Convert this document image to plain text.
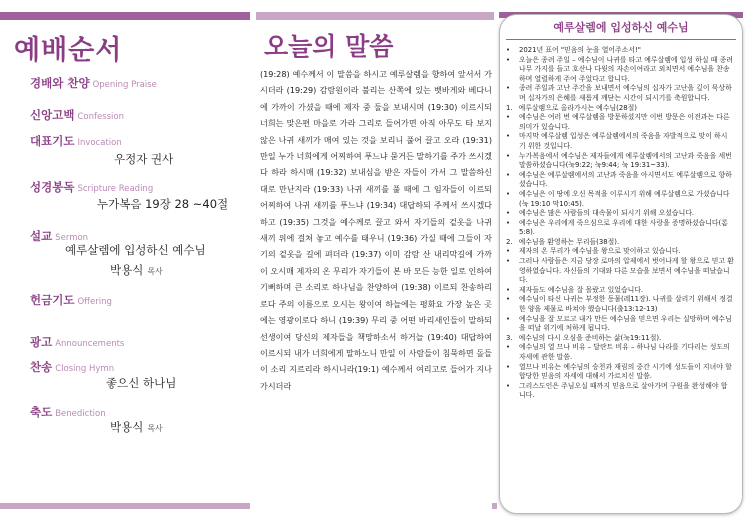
예배순서
경배와 찬양 Opening Praise
신앙고백 Confession
대표기도 Invocation
우정자 권사
성경봉독 Scripture Reading
누가복음 19장 28 ~40절
설교 Sermon
예루살렘에 입성하신 예수님
박용식 목사
헌금기도 Offering
광고 Announcements
찬송 Closing Hymn
좋으신 하나님
축도 Benediction
박용식 목사
오늘의 말씀
(19:28) 예수께서 이 말씀을 하시고 예루살렘을 향하여 앞서서 가시더라 (19:29) 감람원이라 불리는 산쪽에 있는 벳바게와 베다니에 가까이 가셨을 때에 제자 중 둘을 보내시며 (19:30) 이르시되 너희는 맞은편 마을로 가라 그리로 들어가면 아직 아무도 타 보지 않은 나귀 새끼가 매여 있는 것을 보리니 풀어 끌고 오라 (19:31) 만일 누가 너희에게 어찌하여 푸느냐 묻거든 말하기를 주가 쓰시겠다 하라 하시매 (19:32) 보내심을 받은 자들이 가서 그 말씀하신 대로 만난지라 (19:33) 나귀 새끼를 풀 때에 그 임자들이 이르되 어찌하여 나귀 새끼를 푸느냐 (19:34) 대답하되 주께서 쓰시겠다 하고 (19:35) 그것을 예수께로 끌고 와서 자기들의 겉옷을 나귀 새끼 위에 걸쳐 놓고 예수를 태우니 (19:36) 가실 때에 그들이 자기의 겉옷을 길에 펴더라 (19:37) 이미 감람 산 내리막길에 가까이 오시매 제자의 온 무리가 자기들이 본 바 모든 능한 일로 인하여 기뻐하며 큰 소리로 하나님을 찬양하여 (19:38) 이르되 찬송하리로다 주의 이름으로 오시는 왕이여 하늘에는 평화요 가장 높은 곳에는 영광이로다 하니 (19:39) 무리 중 어떤 바리새인들이 말하되 선생이여 당신의 제자들을 책망하소서 하거늘 (19:40) 대답하여 이르시되 내가 너희에게 말하노니 만일 이 사람들이 침묵하면 돌들이 소리 지르리라 하시니라(19:1) 예수께서 여리고로 들어가 지나가시더라
예루살렘에 입성하신 예수님
•	2021년 표어 "믿음의 눈을 열어주소서!"
•	오늘은 종려 주일 – 예수님이 나귀를 타고 예루살렘에 입성 하실 때 종려 나무 가지를 들고 호산나 다윗의 자손이여라고 외치면서 예수님을 찬송하며 열렬하게 주여 주었다고 합니다.
•	종려 주일과 고난 주간을 보내면서 예수님의 십자가 고난을 깊이 묵상하며 십자가의 은혜를 새롭게 깨닫는 시간이 되시기를 축원합니다.
1. 예루살렘으로 올라가시는 예수님(28절)
•	예수님은 여러 번 예루살렘을 방문하셨지만 이번 방문은 이전과는 다른 의미가 있습니다.
•	마지막 예루살렘 입성은 예루살렘에서의 죽음을 자발적으로 맞이 하시기 위한 것입니다.
•	누가복음에서 예수님은 제자들에게 예루살렘에서의 고난과 죽음을 세번 말씀하셨습니다(눅9:22; 눅9:44; 눅 19:31~33).
•	예수님은 예루살렘에서의 고난과 죽음을 아시면서도 예루살렘으로 향하셨습니다.
•	예수님은 이 땅에 오신 목적을 이루시기 위해 예루살렘으로 가셨습니다(눅 19:10 막10:45).
•	예수님은 많은 사람들의 대속물이 되시기 위해 오셨습니다.
•	예수님은 우리에게 죽으심으로 우리에 대한 사랑을 증명하셨습니다(롬5:8).
2. 예수님을 환영하는 무리들(38절).
•	제자의 온 무리가 예수님을 왕으로 맞이하고 있습니다.
•	그러나 사람들은 지금 당장 로마의 압제에서 벗어나게 할 왕으로 믿고 환영하였습니다. 자신들의 기대와 다른 모습을 보면서 예수님을 떠났습니다.
•	제자들도 예수님을 잘 몰랐고 있었습니다.
•	예수님이 타신 나귀는 부정한 동물(레11장). 나귀를 살리기 위해서 정결한 양을 제물로 바쳐야 했습니다(출13:12-13)
•	예수님을 잘 모르고 내가 만든 예수님을 믿으면 우리는 실망하며 예수님을 떠날 위기에 처하게 됩니다.
3. 예수님의 다시 오심을 준비하는 삶(눅19:11절).
•	예수님의 열 므나 비유 – 달란트 비유 – 하나님 나라를 기다리는 성도의 자세에 관한 말씀.
•	열므나 비유는 예수님의 승천과 재림의 중간 시기에 성도들이 지녀야 할 합당한 믿음의 자세에 대해서 가르치신 말씀.
•	그리스도인은 주님오실 때까지 믿음으로 살아가며 구원을 완성해야 합니다.
